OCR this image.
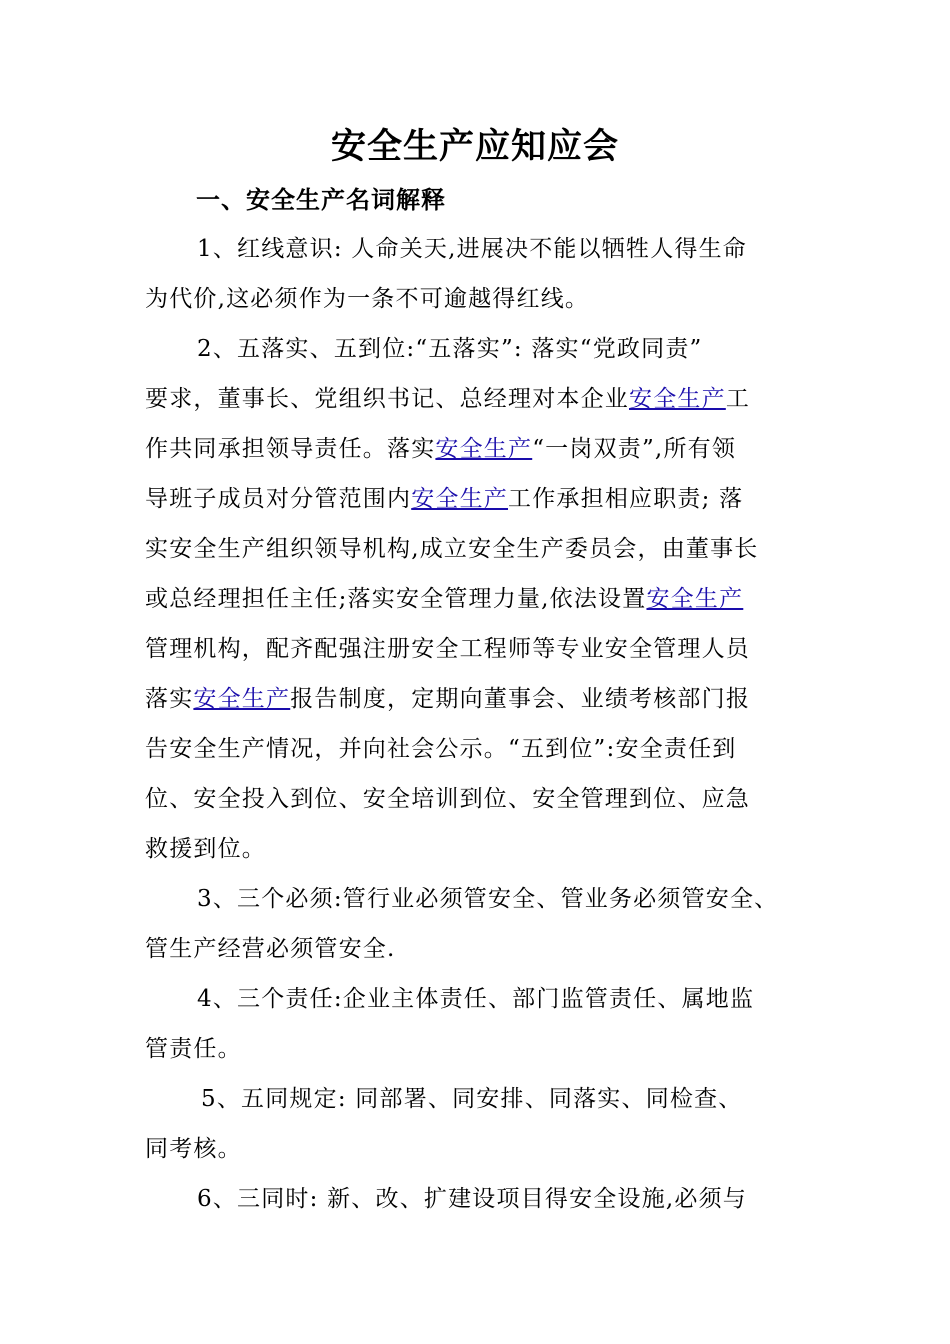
安全生产应知应会
一、安全生产名词解释
1、红线意识: 人命关天,进展决不能以牺牲人得生命
为代价,这必须作为一条不可逾越得红线。
2、五落实、五到位:“五落实”: 落实“党政同责”
要求，董事长、党组织书记、总经理对本企业安全生产工
作共同承担领导责任。落实安全生产“一岗双责”,所有领
导班子成员对分管范围内安全生产工作承担相应职责; 落
实安全生产组织领导机构,成立安全生产委员会，由董事长
或总经理担任主任;落实安全管理力量,依法设置安全生产
管理机构，配齐配强注册安全工程师等专业安全管理人员
落实安全生产报告制度，定期向董事会、业绩考核部门报
告安全生产情况，并向社会公示。“五到位”:安全责任到
位、安全投入到位、安全培训到位、安全管理到位、应急
救援到位。
3、三个必须:管行业必须管安全、管业务必须管安全、
管生产经营必须管安全.
4、三个责任:企业主体责任、部门监管责任、属地监
管责任。
5、五同规定: 同部署、同安排、同落实、同检查、
同考核。
6、三同时: 新、改、扩建设项目得安全设施,必须与
